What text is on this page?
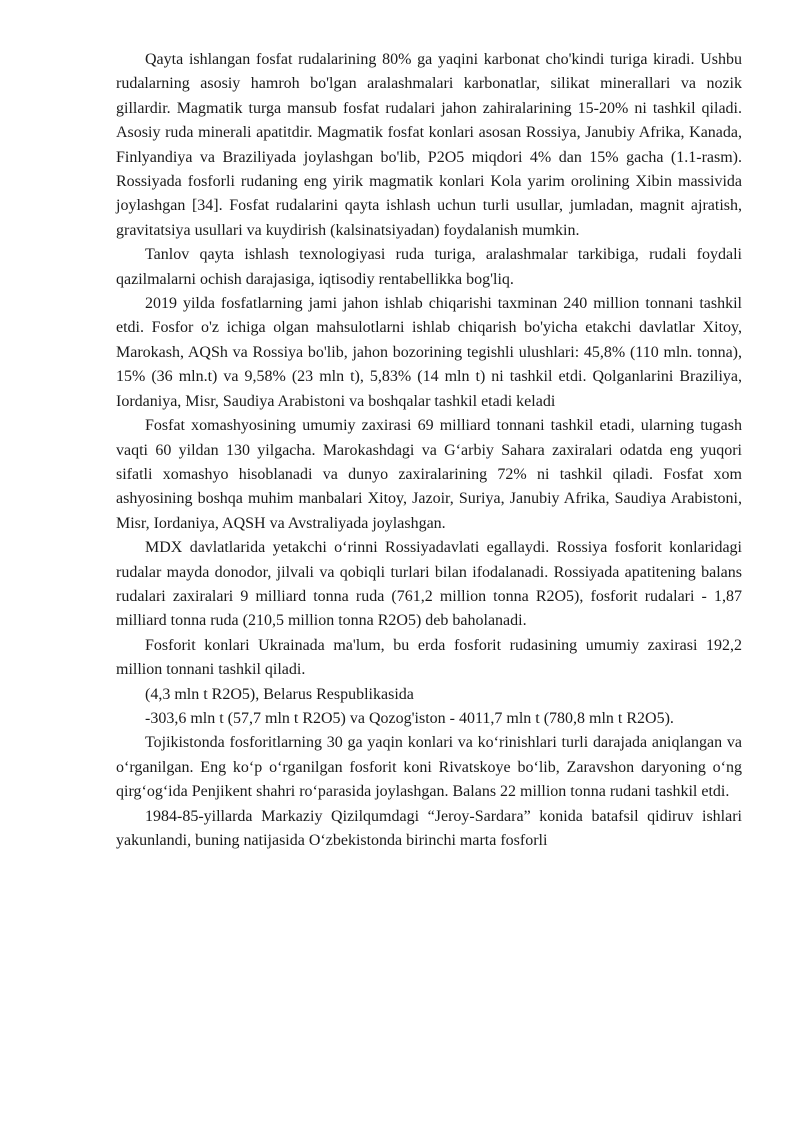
Qayta ishlangan fosfat rudalarining 80% ga yaqini karbonat cho'kindi turiga kiradi. Ushbu rudalarning asosiy hamroh bo'lgan aralashmalari karbonatlar, silikat minerallari va nozik gillardir. Magmatik turga mansub fosfat rudalari jahon zahiralarining 15-20% ni tashkil qiladi. Asosiy ruda minerali apatitdir. Magmatik fosfat konlari asosan Rossiya, Janubiy Afrika, Kanada, Finlyandiya va Braziliyada joylashgan bo'lib, P2O5 miqdori 4% dan 15% gacha (1.1-rasm). Rossiyada fosforli rudaning eng yirik magmatik konlari Kola yarim orolining Xibin massivida joylashgan [34]. Fosfat rudalarini qayta ishlash uchun turli usullar, jumladan, magnit ajratish, gravitatsiya usullari va kuydirish (kalsinatsiyadan) foydalanish mumkin.

Tanlov qayta ishlash texnologiyasi ruda turiga, aralashmalar tarkibiga, rudali foydali qazilmalarni ochish darajasiga, iqtisodiy rentabellikka bog'liq.

2019 yilda fosfatlarning jami jahon ishlab chiqarishi taxminan 240 million tonnani tashkil etdi. Fosfor o'z ichiga olgan mahsulotlarni ishlab chiqarish bo'yicha etakchi davlatlar Xitoy, Marokash, AQSh va Rossiya bo'lib, jahon bozorining tegishli ulushlari: 45,8% (110 mln. tonna), 15% (36 mln.t) va 9,58% (23 mln t), 5,83% (14 mln t) ni tashkil etdi. Qolganlarini Braziliya, Iordaniya, Misr, Saudiya Arabistoni va boshqalar tashkil etadi keladi

Fosfat xomashyosining umumiy zaxirasi 69 milliard tonnani tashkil etadi, ularning tugash vaqti 60 yildan 130 yilgacha. Marokashdagi va G‘arbiy Sahara zaxiralari odatda eng yuqori sifatli xomashyo hisoblanadi va dunyo zaxiralarining 72% ni tashkil qiladi. Fosfat xom ashyosining boshqa muhim manbalari Xitoy, Jazoir, Suriya, Janubiy Afrika, Saudiya Arabistoni, Misr, Iordaniya, AQSH va Avstraliyada joylashgan.

MDX davlatlarida yetakchi o‘rinni Rossiyadavlati egallaydi. Rossiya fosforit konlaridagi rudalar mayda donodor, jilvali va qobiqli turlari bilan ifodalanadi. Rossiyada apatitening balans rudalari zaxiralari 9 milliard tonna ruda (761,2 million tonna R2O5), fosforit rudalari - 1,87 milliard tonna ruda (210,5 million tonna R2O5) deb baholanadi.

Fosforit konlari Ukrainada ma'lum, bu erda fosforit rudasining umumiy zaxirasi 192,2 million tonnani tashkil qiladi.

(4,3 mln t R2O5), Belarus Respublikasida

-303,6 mln t (57,7 mln t R2O5) va Qozog'iston - 4011,7 mln t (780,8 mln t R2O5).

Tojikistonda fosforitlarning 30 ga yaqin konlari va ko‘rinishlari turli darajada aniqlangan va o‘rganilgan. Eng ko‘p o‘rganilgan fosforit koni Rivatskoye bo‘lib, Zaravshon daryoning o‘ng qirg‘og‘ida Penjikent shahri ro‘parasida joylashgan. Balans 22 million tonna rudani tashkil etdi.

1984-85-yillarda Markaziy Qizilqumdagi “Jeroy-Sardara” konida batafsil qidiruv ishlari yakunlandi, buning natijasida O‘zbekistonda birinchi marta fosforli
